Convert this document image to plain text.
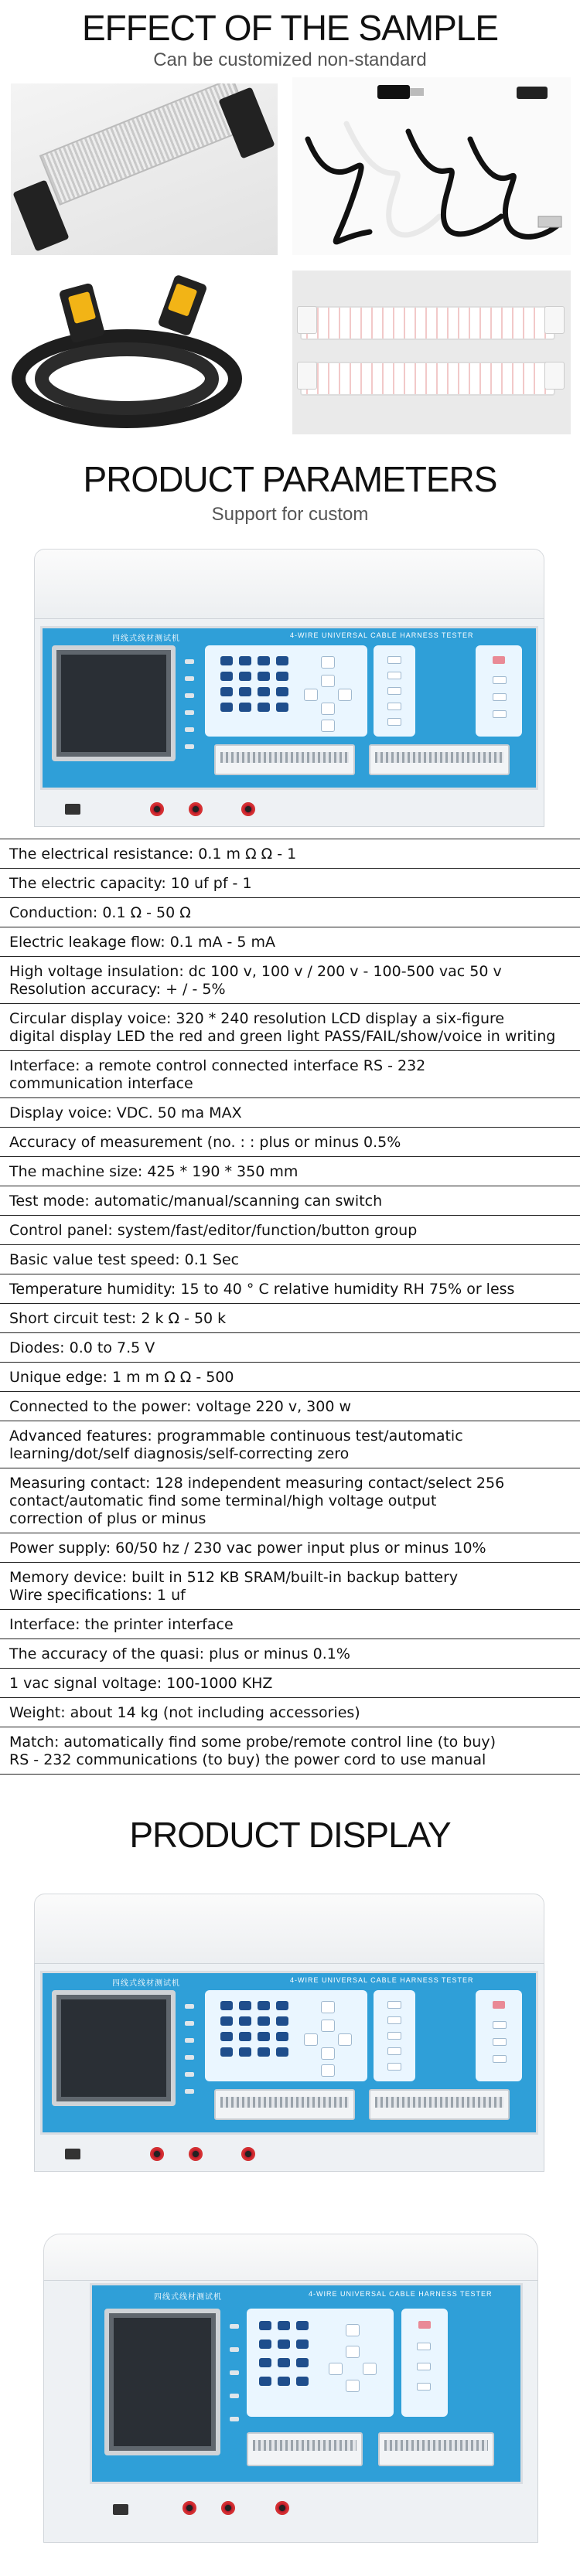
EFFECT OF THE SAMPLE
Can be customized non-standard
PRODUCT PARAMETERS
Support for custom
四线式线材测试机	4-WIRE UNIVERSAL CABLE HARNESS TESTER
The electrical resistance: 0.1 m Ω Ω - 1
The electric capacity: 10 uf pf - 1
Conduction: 0.1 Ω - 50 Ω
Electric leakage flow: 0.1 mA - 5 mA
High voltage insulation: dc 100 v, 100 v / 200 v - 100-500 vac 50 v
Resolution accuracy: + / - 5%
Circular display voice: 320 * 240 resolution LCD display a six-figure
digital display LED the red and green light PASS/FAIL/show/voice in writing
Interface: a remote control connected interface RS - 232
communication interface
Display voice: VDC. 50 ma MAX
Accuracy of measurement (no. : : plus or minus 0.5%
The machine size: 425 * 190 * 350 mm
Test mode: automatic/manual/scanning can switch
Control panel: system/fast/editor/function/button group
Basic value test speed: 0.1 Sec
Temperature humidity: 15 to 40 ° C relative humidity RH 75% or less
Short circuit test: 2 k Ω - 50 k
Diodes: 0.0 to 7.5 V
Unique edge: 1 m m Ω Ω - 500
Connected to the power: voltage 220 v, 300 w
Advanced features: programmable continuous test/automatic
learning/dot/self diagnosis/self-correcting zero
Measuring contact: 128 independent measuring contact/select 256
contact/automatic find some terminal/high voltage output
correction of plus or minus
Power supply: 60/50 hz / 230 vac power input plus or minus 10%
Memory device: built in 512 KB SRAM/built-in backup battery
Wire specifications: 1 uf
Interface: the printer interface
The accuracy of the quasi: plus or minus 0.1%
1 vac signal voltage: 100-1000 KHZ
Weight: about 14 kg (not including accessories)
Match: automatically find some probe/remote control line (to buy)
RS - 232 communications (to buy) the power cord to use manual
PRODUCT DISPLAY
四线式线材测试机	4-WIRE UNIVERSAL CABLE HARNESS TESTER
四线式线材测试机	4-WIRE UNIVERSAL CABLE HARNESS TESTER
